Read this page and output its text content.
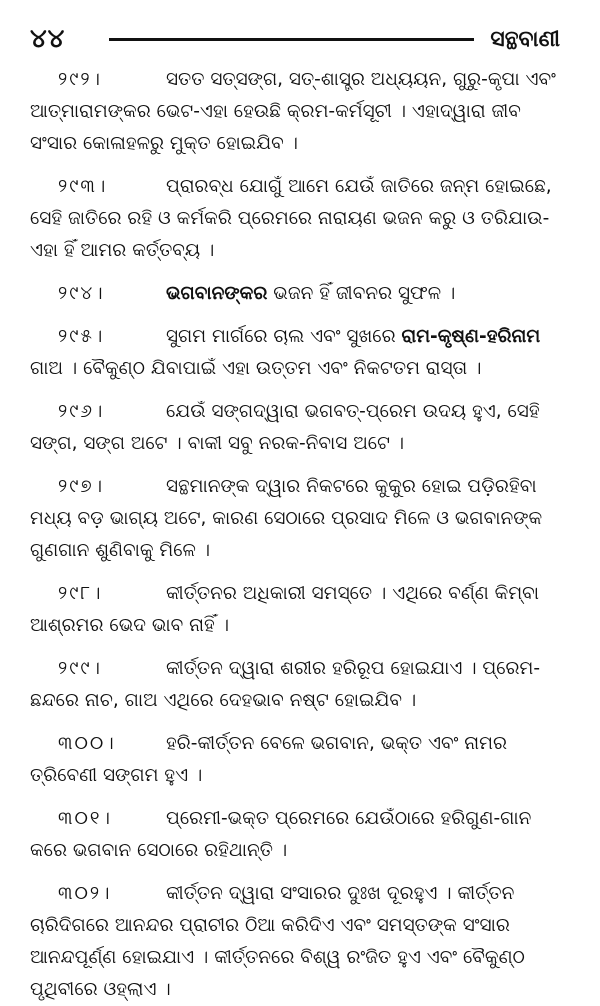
୪୪	ସନ୍ଥବାଣୀ

୨୯୨।	ସତତ ସତ୍ସଙ୍ଗ, ସତ୍-ଶାସ୍ତ୍ର ଅଧ୍ୟୟନ, ଗୁରୁ-କୃପା ଏବଂ ଆତ୍ମାରାମଙ୍କର ଭେଟ-ଏହା ହେଉଛି କ୍ରମ-କର୍ମସୂଚୀ । ଏହାଦ୍ୱାରା ଜୀବ ସଂସାର କୋଳାହଳରୁ ମୁକ୍ତ ହୋଇଯିବ ।

୨୯୩।	ପ୍ରାରବ୍ଧ ଯୋଗୁଁ ଆମେ ଯେଉଁ ଜାତିରେ ଜନ୍ମ ହୋଇଛେ, ସେହି ଜାତିରେ ରହି ଓ କର୍ମକରି ପ୍ରେମରେ ନାରାୟଣ ଭଜନ କରୁ ଓ ତରିଯାଉ-ଏହା ହିଁ ଆମର କର୍ତ୍ତବ୍ୟ ।

୨୯୪।	ଭଗବାନଙ୍କର ଭଜନ ହିଁ ଜୀବନର ସୁଫଳ ।

୨୯୫।	ସୁଗମ ମାର୍ଗରେ ଚାଲ ଏବଂ ସୁଖରେ ରାମ-କୃଷ୍ଣ-ହରିନାମ ଗାଅ । ବୈକୁଣ୍ଠ ଯିବାପାଇଁ ଏହା ଉତ୍ତମ ଏବଂ ନିକଟତମ ରାସ୍ତା ।

୨୯୬।	ଯେଉଁ ସଙ୍ଗଦ୍ୱାରା ଭଗବତ୍-ପ୍ରେମ ଉଦୟ ହୁଏ, ସେହି ସଙ୍ଗ, ସଙ୍ଗ ଅଟେ । ବାକୀ ସବୁ ନରକ-ନିବାସ ଅଟେ ।

୨୯୭।	ସନ୍ଥମାନଙ୍କ ଦ୍ୱାର ନିକଟରେ କୁକୁର ହୋଇ ପଡ଼ିରହିବା ମଧ୍ୟ ବଡ଼ ଭାଗ୍ୟ ଅଟେ, କାରଣ ସେଠାରେ ପ୍ରସାଦ ମିଳେ ଓ ଭଗବାନଙ୍କ ଗୁଣଗାନ ଶୁଣିବାକୁ ମିଳେ ।

୨୯୮।	କୀର୍ତ୍ତନର ଅଧିକାରୀ ସମସ୍ତେ । ଏଥିରେ ବର୍ଣ୍ଣ କିମ୍ବା ଆଶ୍ରମର ଭେଦ ଭାବ ନାହିଁ ।

୨୯୯।	କୀର୍ତ୍ତନ ଦ୍ୱାରା ଶରୀର ହରିରୂପ ହୋଇଯାଏ । ପ୍ରେମ-ଛନ୍ଦରେ ନାଚ, ଗାଅ ଏଥିରେ ଦେହଭାବ ନଷ୍ଟ ହୋଇଯିବ ।

୩୦୦।	ହରି-କୀର୍ତ୍ତନ ବେଳେ ଭଗବାନ, ଭକ୍ତ ଏବଂ ନାମର ତ୍ରିବେଣୀ ସଙ୍ଗମ ହୁଏ ।

୩୦୧।	ପ୍ରେମୀ-ଭକ୍ତ ପ୍ରେମରେ ଯେଉଁଠାରେ ହରିଗୁଣ-ଗାନ କରେ ଭଗବାନ ସେଠାରେ ରହିଥାନ୍ତି ।

୩୦୨।	କୀର୍ତ୍ତନ ଦ୍ୱାରା ସଂସାରର ଦୁଃଖ ଦୂରହୁଏ । କୀର୍ତ୍ତନ ଚାରିଦିଗରେ ଆନନ୍ଦର ପ୍ରାଚୀର ଠିଆ କରିଦିଏ ଏବଂ ସମସ୍ତଙ୍କ ସଂସାର ଆନନ୍ଦପୂର୍ଣ୍ଣ ହୋଇଯାଏ । କୀର୍ତ୍ତନରେ ବିଶ୍ୱ ରଂଜିତ ହୁଏ ଏବଂ ବୈକୁଣ୍ଠ ପୃଥିବୀରେ ଓହ୍ଲାଏ ।
